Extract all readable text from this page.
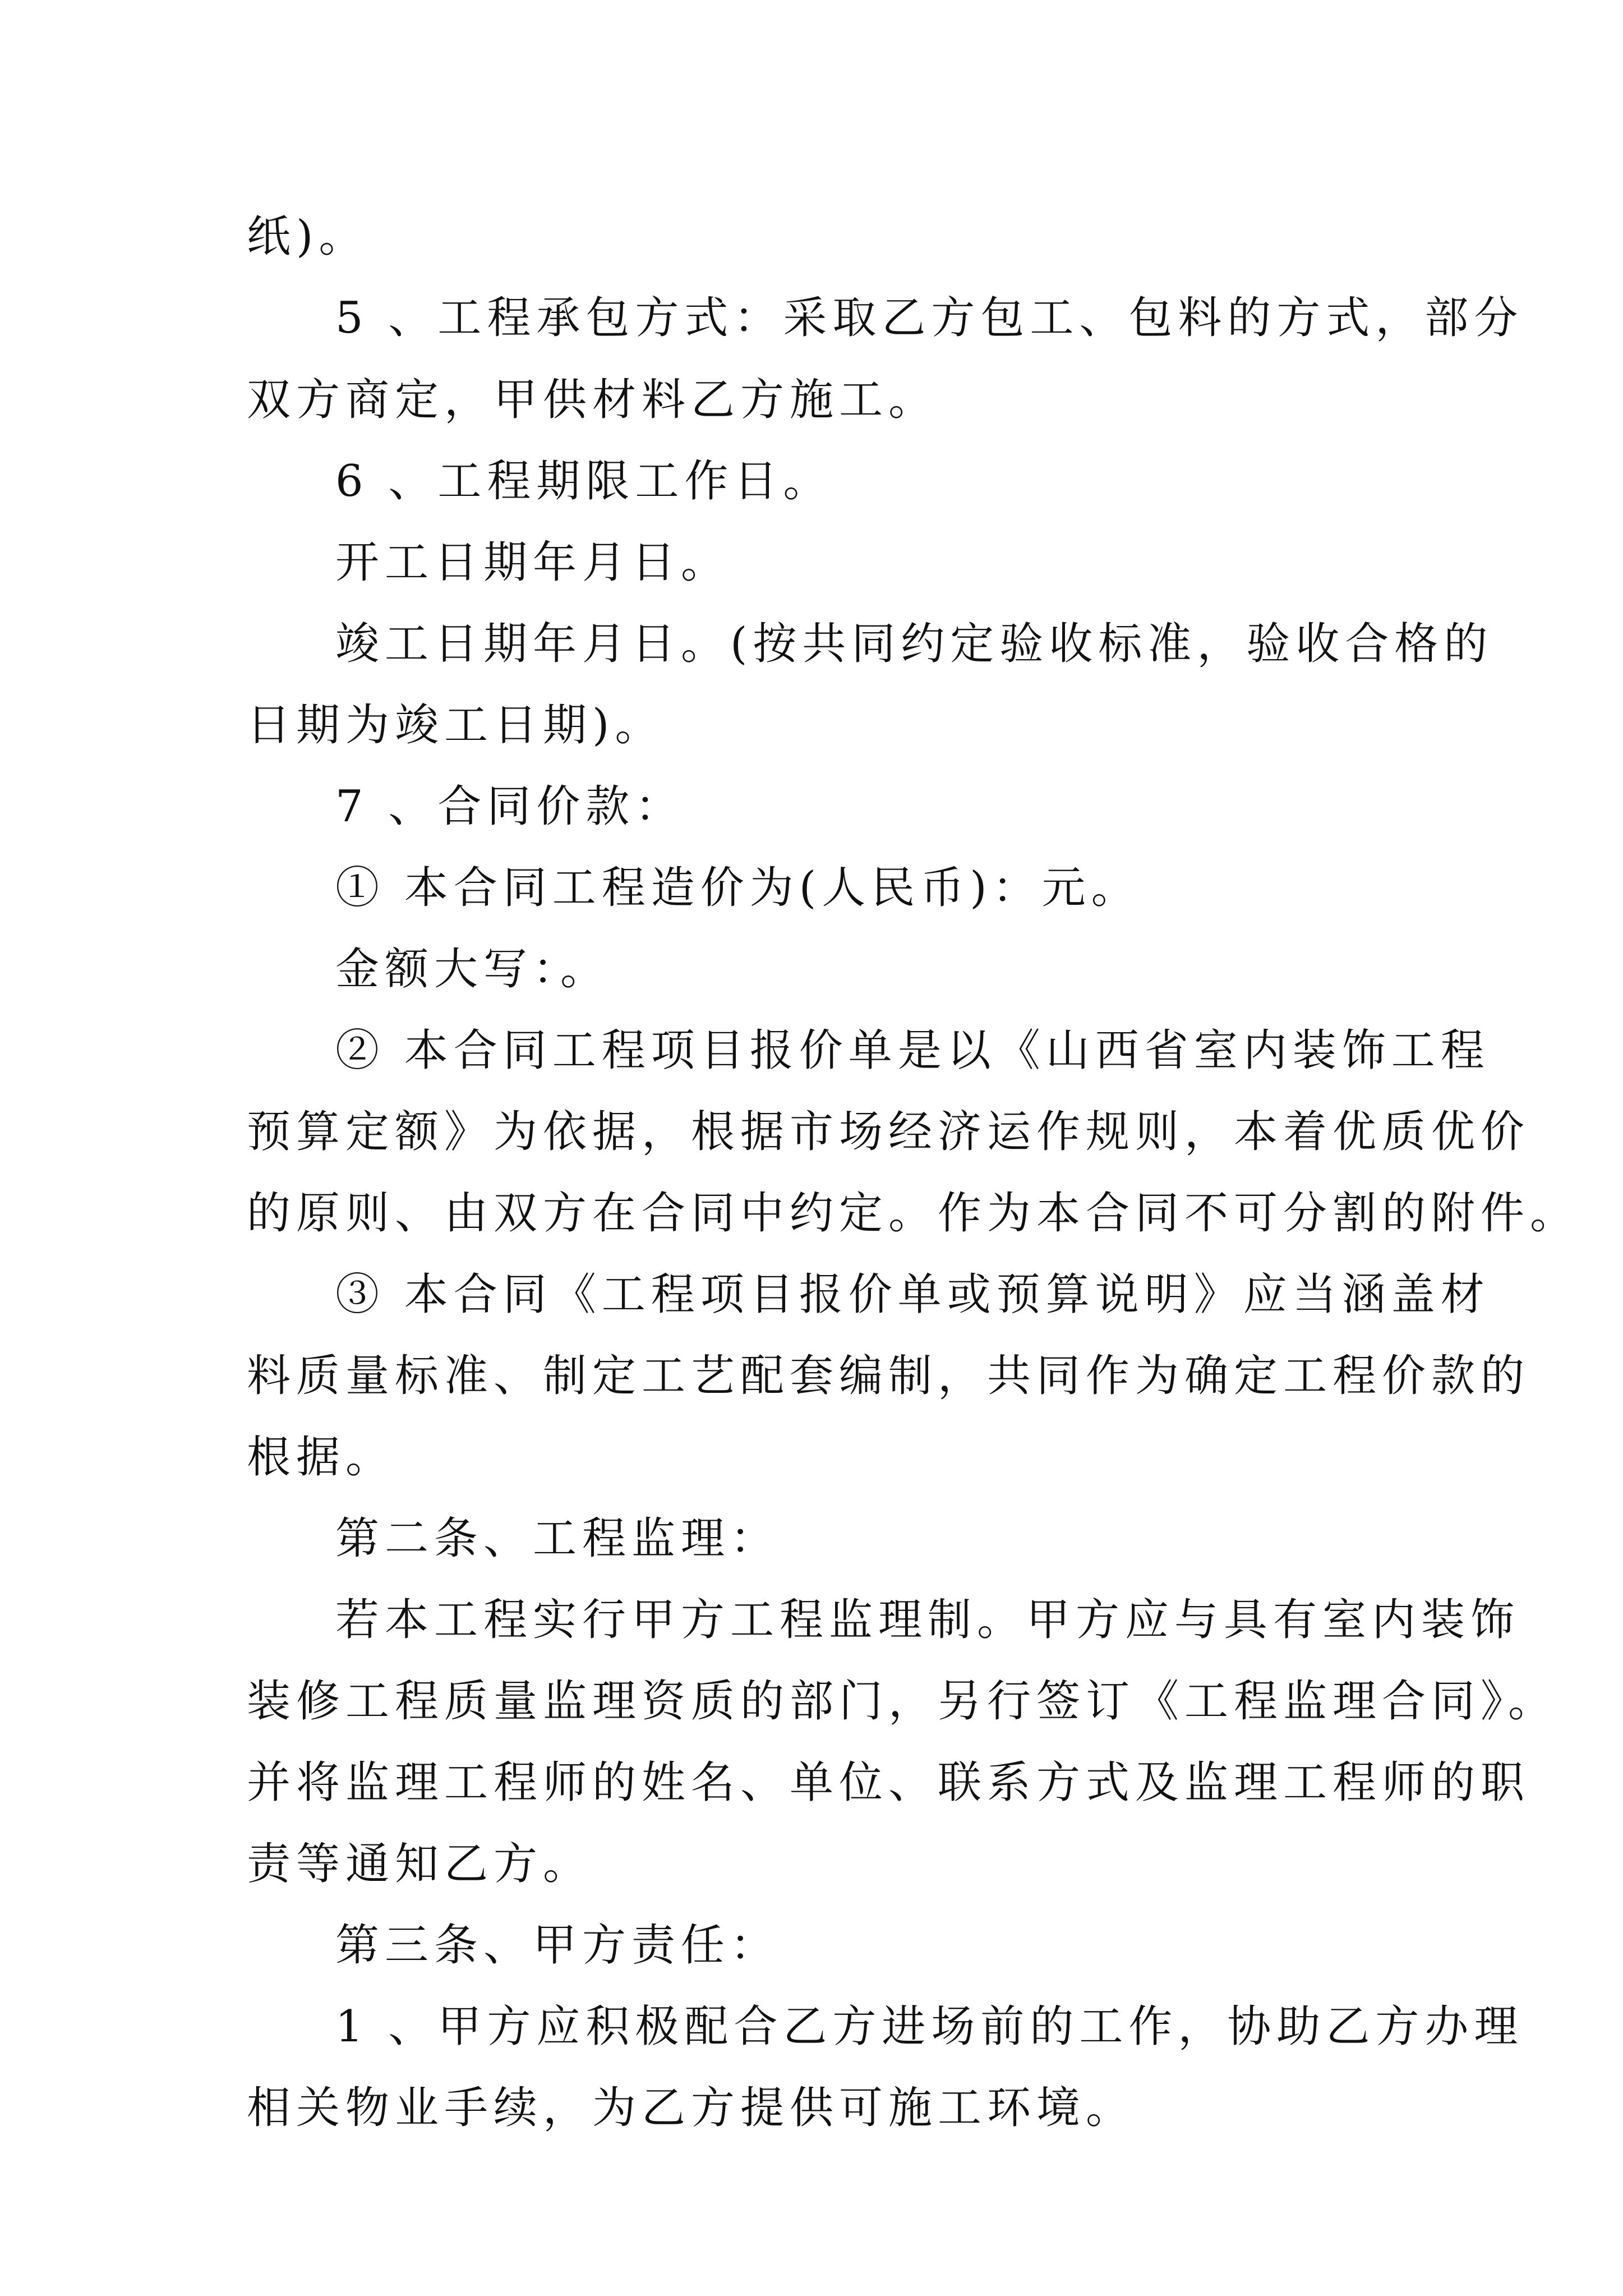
纸)。
5 、工程承包方式：采取乙方包工、包料的方式，部分
双方商定，甲供材料乙方施工。
6 、工程期限工作日。
开工日期年月日。
竣工日期年月日。(按共同约定验收标准，验收合格的
日期为竣工日期)。
7 、合同价款：
① 本合同工程造价为(人民币)：元。
金额大写：。
② 本合同工程项目报价单是以《山西省室内装饰工程
预算定额》为依据，根据市场经济运作规则，本着优质优价
的原则、由双方在合同中约定。作为本合同不可分割的附件。
③ 本合同《工程项目报价单或预算说明》应当涵盖材
料质量标准、制定工艺配套编制，共同作为确定工程价款的
根据。
第二条、工程监理：
若本工程实行甲方工程监理制。甲方应与具有室内装饰
装修工程质量监理资质的部门，另行签订《工程监理合同》。
并将监理工程师的姓名、单位、联系方式及监理工程师的职
责等通知乙方。
第三条、甲方责任：
1 、甲方应积极配合乙方进场前的工作，协助乙方办理
相关物业手续，为乙方提供可施工环境。
